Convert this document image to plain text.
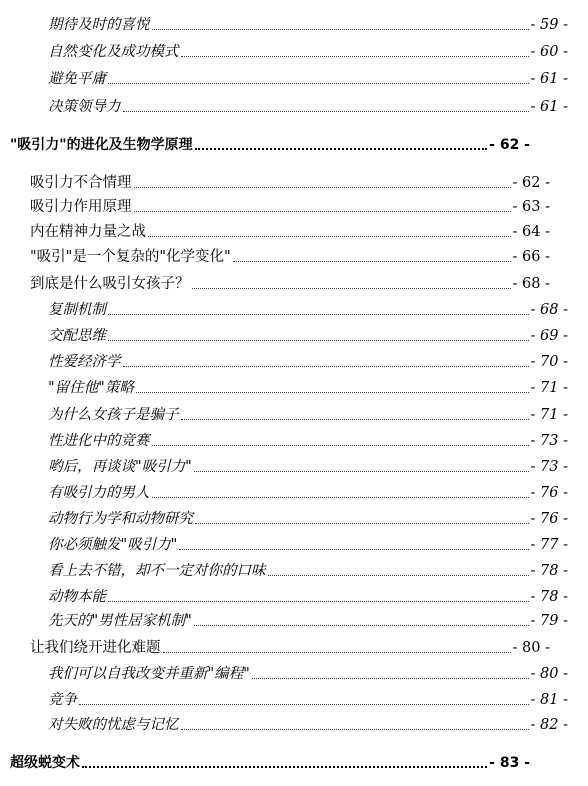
期待及时的喜悦	- 59 -
自然变化及成功模式	- 60 -
避免平庸	- 61 -
决策领导力	- 61 -
"吸引力"的进化及生物学原理	- 62 -
吸引力不合情理	- 62 -
吸引力作用原理	- 63 -
内在精神力量之战	- 64 -
"吸引"是一个复杂的"化学变化"	- 66 -
到底是什么吸引女孩子？	- 68 -
复制机制	- 68 -
交配思维	- 69 -
性爱经济学	- 70 -
"留住他"策略	- 71 -
为什么女孩子是骗子	- 71 -
性进化中的竞赛	- 73 -
哟后，再谈谈"吸引力"	- 73 -
有吸引力的男人	- 76 -
动物行为学和动物研究	- 76 -
你必须触发"吸引力"	- 77 -
看上去不错，却不一定对你的口味	- 78 -
动物本能	- 78 -
先天的"男性居家机制"	- 79 -
让我们绕开进化难题	- 80 -
我们可以自我改变并重新"编程"	- 80 -
竞争	- 81 -
对失败的忧虑与记忆	- 82 -
超级蜕变术	- 83 -
